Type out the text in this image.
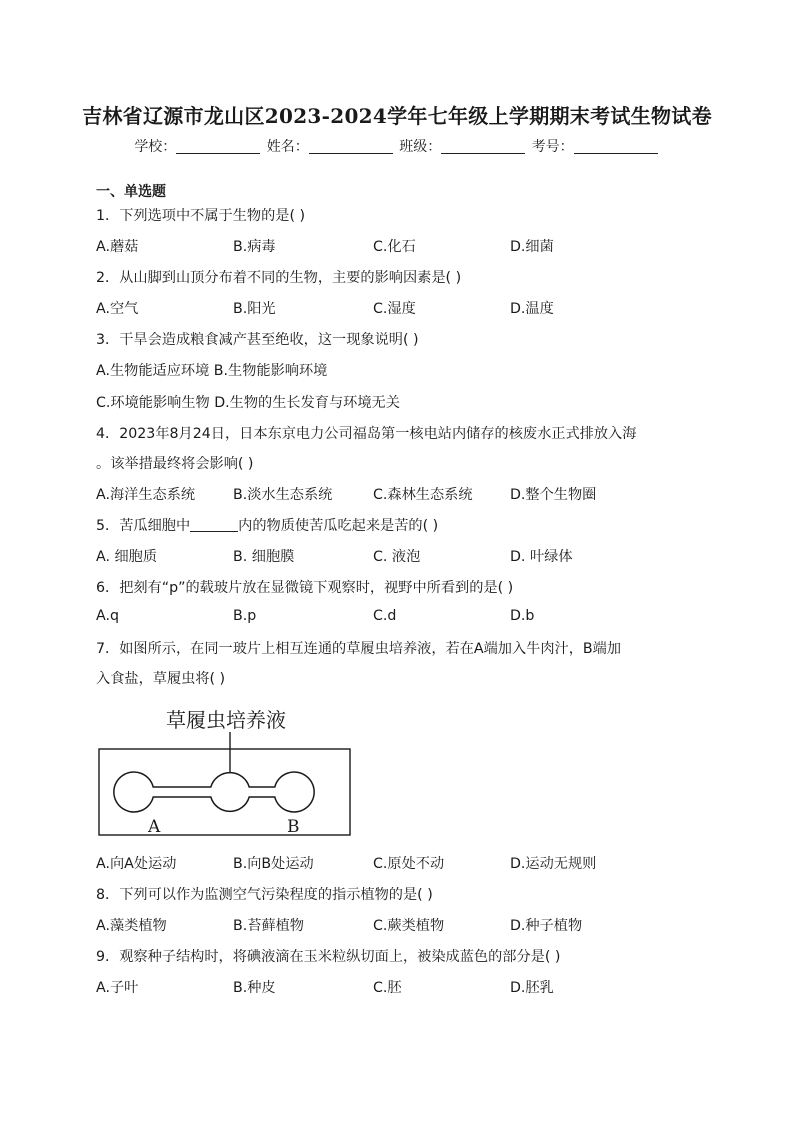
吉林省辽源市龙山区2023-2024学年七年级上学期期末考试生物试卷
学校：	姓名：	班级：	考号：
一、单选题
1．下列选项中不属于生物的是( )
A.蘑菇	B.病毒	C.化石	D.细菌
2．从山脚到山顶分布着不同的生物，主要的影响因素是( )
A.空气	B.阳光	C.湿度	D.温度
3．干旱会造成粮食减产甚至绝收，这一现象说明( )
A.生物能适应环境 B.生物能影响环境
C.环境能影响生物 D.生物的生长发育与环境无关
4．2023年8月24日，日本东京电力公司福岛第一核电站内储存的核废水正式排放入海
。该举措最终将会影响( )
A.海洋生态系统	B.淡水生态系统	C.森林生态系统	D.整个生物圈
5．苦瓜细胞中	内的物质使苦瓜吃起来是苦的( )
A. 细胞质	B. 细胞膜	C. 液泡	D. 叶绿体
6．把刻有“p”的载玻片放在显微镜下观察时，视野中所看到的是( )
A.q	B.p	C.d	D.b
7．如图所示，在同一玻片上相互连通的草履虫培养液，若在A端加入牛肉汁，B端加
入食盐，草履虫将( )
草履虫培养液
A	B
A.向A处运动	B.向B处运动	C.原处不动	D.运动无规则
8．下列可以作为监测空气污染程度的指示植物的是( )
A.藻类植物	B.苔藓植物	C.蕨类植物	D.种子植物
9．观察种子结构时，将碘液滴在玉米粒纵切面上，被染成蓝色的部分是( )
A.子叶	B.种皮	C.胚	D.胚乳
